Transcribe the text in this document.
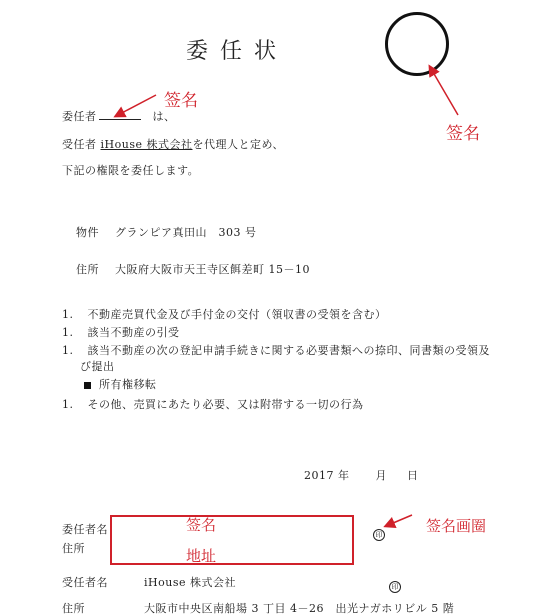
委任状
签名
签名
委任者	は、
受任者 iHouse 株式会社を代理人と定め、
下記の権限を委任します。
物件 グランピア真田山　303 号
住所 大阪府大阪市天王寺区餌差町 15－10
1. 不動産売買代金及び手付金の交付（領収書の受領を含む）
1. 該当不動産の引受
1. 該当不動産の次の登記申請手続きに関する必要書類への捺印、同書類の受領及
び提出
所有権移転
1. その他、売買にあたり必要、又は附帯する一切の行為
2017 年 月 日
委任者名
住所
签名
地址
印	签名画圈
受任者名	iHouse 株式会社	印
住所	大阪市中央区南船場 3 丁目 4－26　出光ナガホリビル 5 階
